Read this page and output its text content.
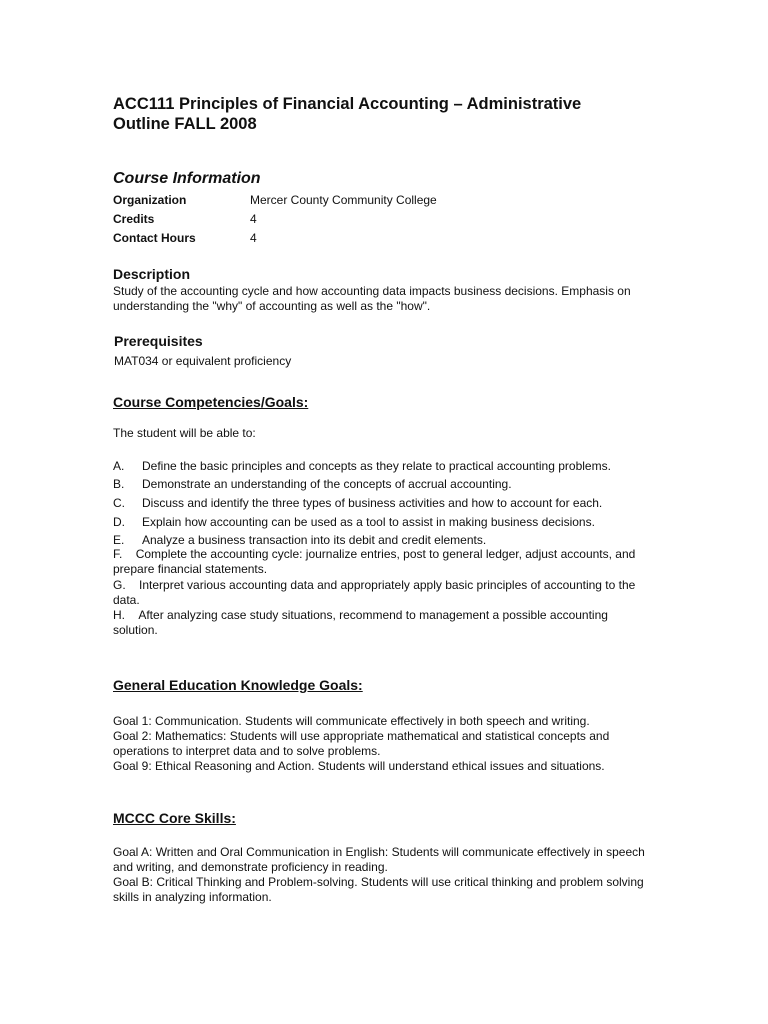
ACC111 Principles of Financial Accounting – Administrative
Outline FALL 2008
Course Information
Organization	Mercer County Community College
Credits	4
Contact Hours	4
Description
Study of the accounting cycle and how accounting data impacts business decisions. Emphasis on understanding the "why" of accounting as well as the "how".
Prerequisites
MAT034 or equivalent proficiency
Course Competencies/Goals:
The student will be able to:
A. Define the basic principles and concepts as they relate to practical accounting problems.
B. Demonstrate an understanding of the concepts of accrual accounting.
C. Discuss and identify the three types of business activities and how to account for each.
D. Explain how accounting can be used as a tool to assist in making business decisions.
E. Analyze a business transaction into its debit and credit elements.
F. Complete the accounting cycle: journalize entries, post to general ledger, adjust accounts, and prepare financial statements.
G. Interpret various accounting data and appropriately apply basic principles of accounting to the data.
H. After analyzing case study situations, recommend to management a possible accounting solution.
General Education Knowledge Goals:
Goal 1: Communication. Students will communicate effectively in both speech and writing.
Goal 2: Mathematics: Students will use appropriate mathematical and statistical concepts and operations to interpret data and to solve problems.
Goal 9: Ethical Reasoning and Action. Students will understand ethical issues and situations.
MCCC Core Skills:
Goal A: Written and Oral Communication in English: Students will communicate effectively in speech and writing, and demonstrate proficiency in reading.
Goal B: Critical Thinking and Problem-solving. Students will use critical thinking and problem solving skills in analyzing information.
